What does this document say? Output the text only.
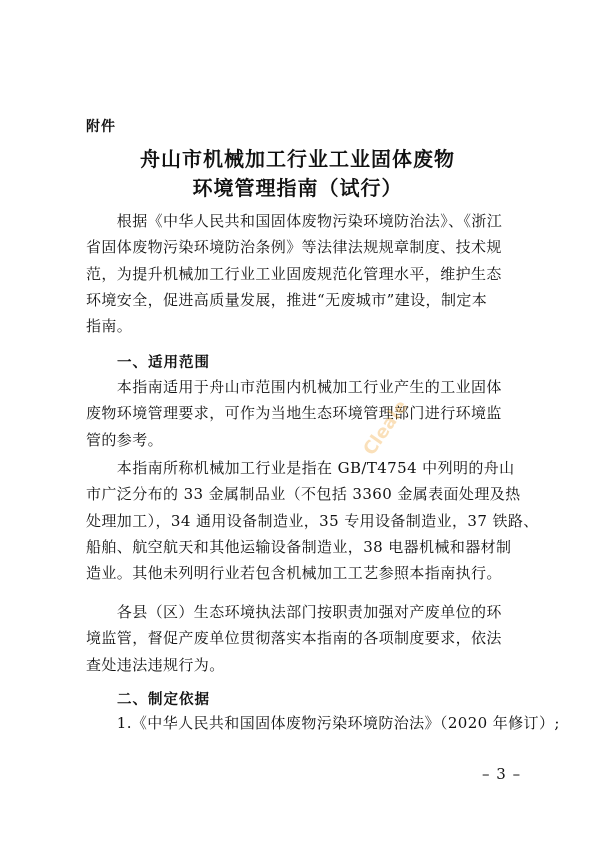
附件
舟山市机械加工行业工业固体废物
环境管理指南（试行）
　　根据《中华人民共和国固体废物污染环境防治法》、《浙江
省固体废物污染环境防治条例》等法律法规规章制度、技术规
范，为提升机械加工行业工业固废规范化管理水平，维护生态
环境安全，促进高质量发展，推进“无废城市”建设，制定本
指南。
一、适用范围
　　本指南适用于舟山市范围内机械加工行业产生的工业固体
废物环境管理要求，可作为当地生态环境管理部门进行环境监
管的参考。
　　本指南所称机械加工行业是指在 GB/T4754 中列明的舟山
市广泛分布的 33 金属制品业（不包括 3360 金属表面处理及热
处理加工），34 通用设备制造业，35 专用设备制造业，37 铁路、
船舶、航空航天和其他运输设备制造业，38 电器机械和器材制
造业。其他未列明行业若包含机械加工工艺参照本指南执行。
　　各县（区）生态环境执法部门按职责加强对产废单位的环
境监管，督促产废单位贯彻落实本指南的各项制度要求，依法
查处违法违规行为。
二、制定依据
　　1.《中华人民共和国固体废物污染环境防治法》（2020 年修订）;
– 3 –
Cleale
